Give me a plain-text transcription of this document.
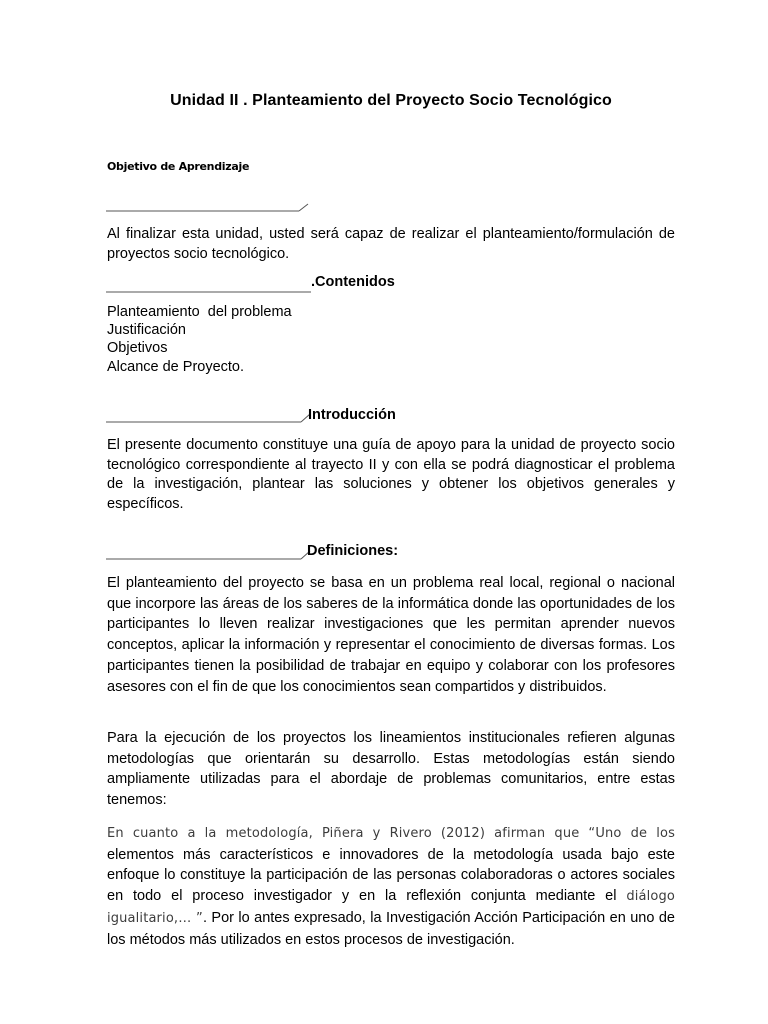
Unidad II . Planteamiento del Proyecto Socio Tecnológico
Objetivo de Aprendizaje
Al finalizar esta unidad, usted será capaz de realizar el planteamiento/formulación de proyectos socio tecnológico.
.Contenidos
Planteamiento  del problema
Justificación
Objetivos
Alcance de Proyecto.
Introducción
El presente documento constituye una guía de apoyo para la unidad de proyecto socio tecnológico correspondiente al trayecto II y con ella se podrá diagnosticar el problema de la investigación, plantear las soluciones y obtener los objetivos generales y específicos.
Definiciones:
El planteamiento del proyecto se basa en un problema real local, regional o nacional que incorpore las áreas de los saberes de la informática donde las oportunidades de los participantes lo lleven realizar investigaciones que les permitan aprender nuevos conceptos, aplicar la información y representar el conocimiento de diversas formas. Los participantes tienen la posibilidad de trabajar en equipo y colaborar con los profesores asesores con el fin de que los conocimientos sean compartidos y distribuidos.
Para la ejecución de los proyectos los lineamientos institucionales refieren algunas metodologías que orientarán su desarrollo. Estas metodologías están siendo ampliamente utilizadas para el abordaje de problemas comunitarios, entre estas tenemos:
En cuanto a la metodología, Piñera y Rivero (2012) afirman que “Uno de los elementos más característicos e innovadores de la metodología usada bajo este enfoque lo constituye la participación de las personas colaboradoras o actores sociales en todo el proceso investigador y en la reflexión conjunta mediante el diálogo igualitario,… ”. Por lo antes expresado, la Investigación Acción Participación en uno de los métodos más utilizados en estos procesos de investigación.
